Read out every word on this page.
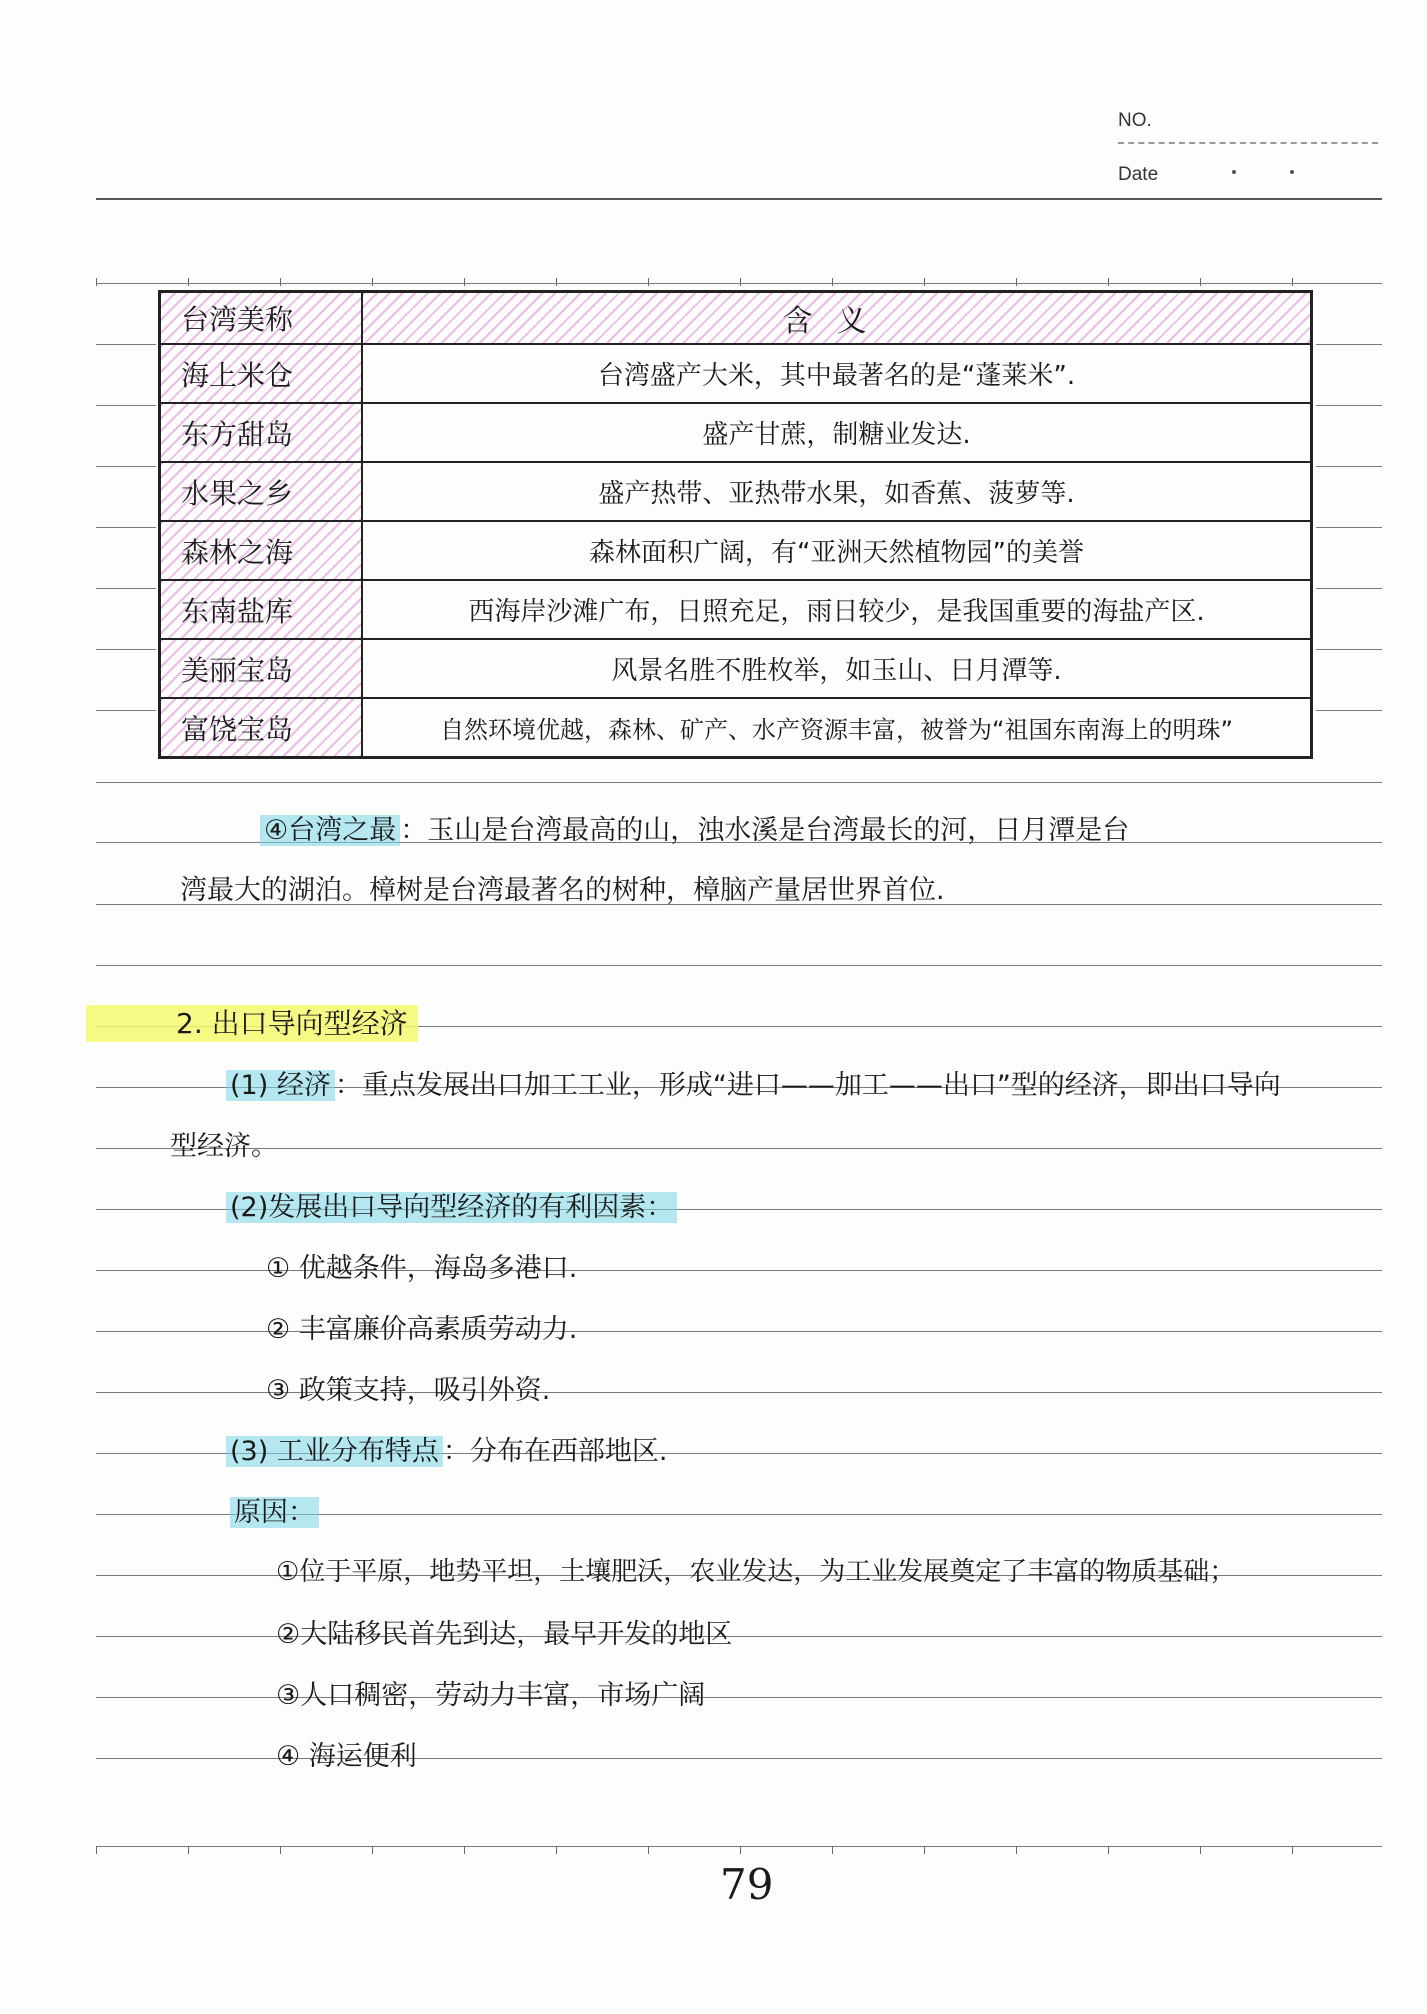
NO.
Date
台湾美称	含义
海上米仓	台湾盛产大米，其中最著名的是“蓬莱米”.
东方甜岛	盛产甘蔗，制糖业发达.
水果之乡	盛产热带、亚热带水果，如香蕉、菠萝等.
森林之海	森林面积广阔，有“亚洲天然植物园”的美誉
东南盐库	西海岸沙滩广布，日照充足，雨日较少，是我国重要的海盐产区.
美丽宝岛	风景名胜不胜枚举，如玉山、日月潭等.
富饶宝岛	自然环境优越，森林、矿产、水产资源丰富，被誉为“祖国东南海上的明珠”
④台湾之最 ：玉山是台湾最高的山，浊水溪是台湾最长的河，日月潭是台
湾最大的湖泊。樟树是台湾最著名的树种，樟脑产量居世界首位.
2. 出口导向型经济
(1) 经济 ：重点发展出口加工工业，形成“进口——加工——出口”型的经济，即出口导向
型经济。
(2)发展出口导向型经济的有利因素：
① 优越条件，海岛多港口.
② 丰富廉价高素质劳动力.
③ 政策支持，吸引外资.
(3) 工业分布特点 ：分布在西部地区.
原因：
①位于平原，地势平坦，土壤肥沃，农业发达，为工业发展奠定了丰富的物质基础；
②大陆移民首先到达，最早开发的地区
③人口稠密，劳动力丰富，市场广阔
④ 海运便利
79
